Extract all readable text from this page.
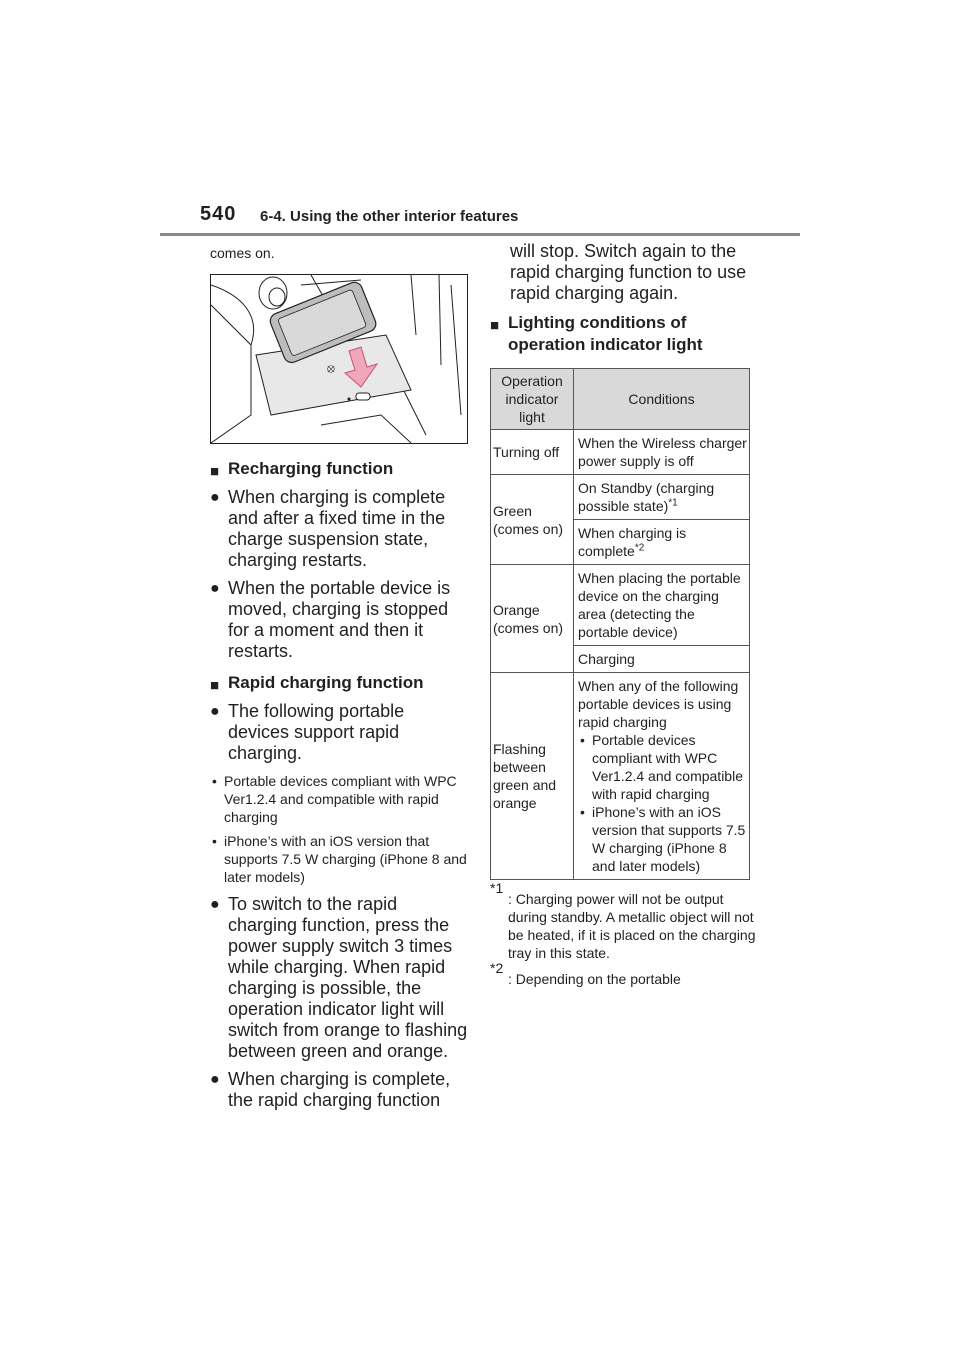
540 6-4. Using the other interior features
comes on.
⦻
■ Recharging function
● When charging is complete and after a fixed time in the charge suspension state, charging restarts.
● When the portable device is moved, charging is stopped for a moment and then it restarts.
■ Rapid charging function
● The following portable devices support rapid charging.
• Portable devices compliant with WPC Ver1.2.4 and compatible with rapid charging
• iPhone’s with an iOS version that supports 7.5 W charging (iPhone 8 and later models)
● To switch to the rapid charging function, press the power supply switch 3 times while charging. When rapid charging is possible, the operation indicator light will switch from orange to flashing between green and orange.
● When charging is complete, the rapid charging function
will stop. Switch again to the rapid charging function to use rapid charging again.
■ Lighting conditions of operation indicator light
Operation indicator light	Conditions
Turning off	When the Wireless charger power supply is off
Green (comes on)	On Standby (charging possible state)$^{*1}$
	When charging is complete$^{*2}$
Orange (comes on)	When placing the portable device on the charging area (detecting the portable device)
	Charging
Flashing between green and orange	When any of the following portable devices is using rapid charging
• Portable devices compliant with WPC Ver1.2.4 and compatible with rapid charging
• iPhone’s with an iOS version that supports 7.5 W charging (iPhone 8 and later models)
*1
: Charging power will not be output during standby. A metallic object will not be heated, if it is placed on the charging tray in this state.
*2
: Depending on the portable
